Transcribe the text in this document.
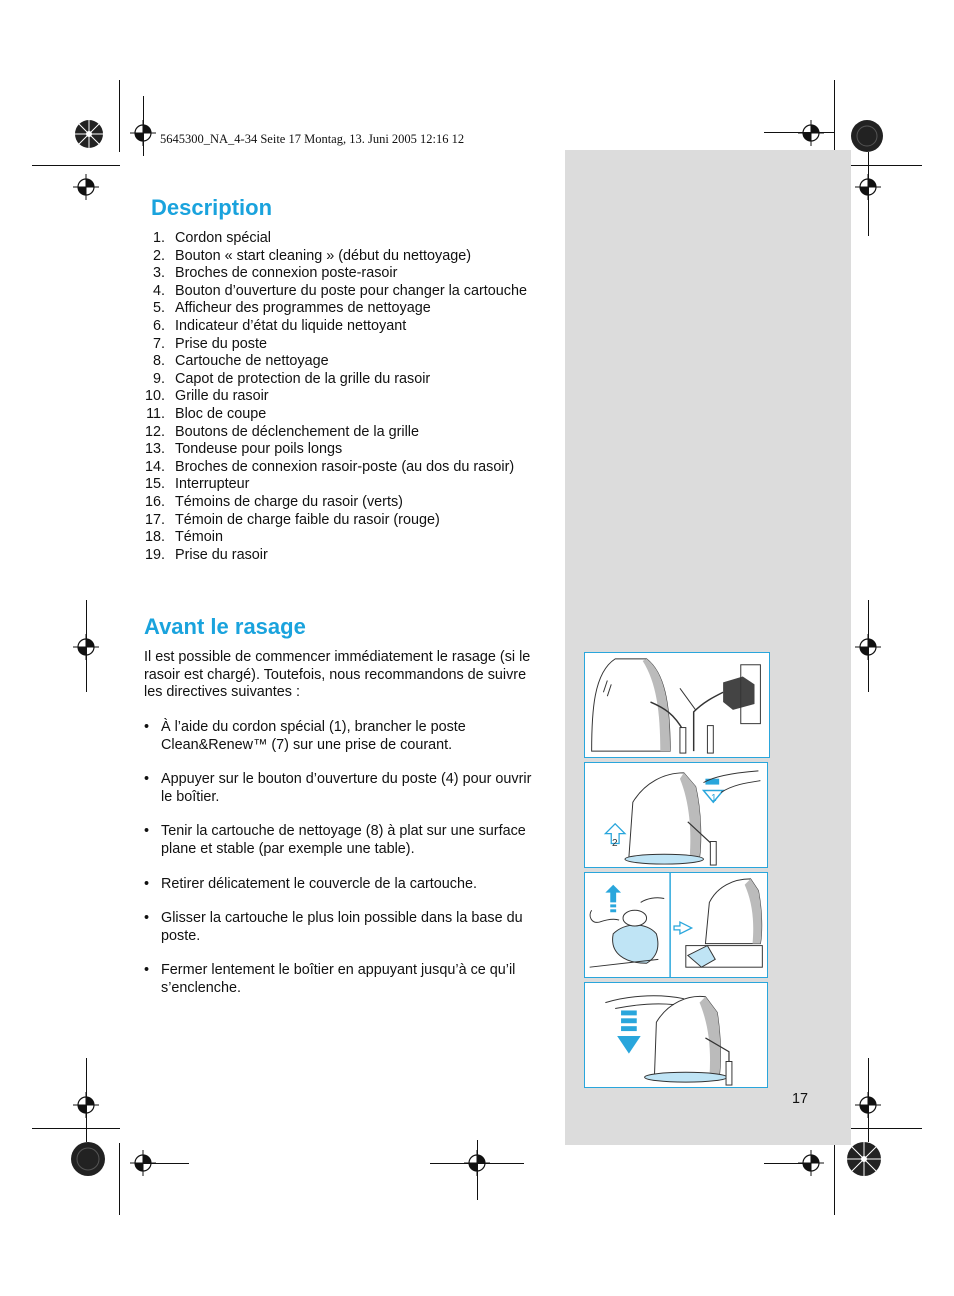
5645300_NA_4-34 Seite 17 Montag, 13. Juni 2005 12:16 12
Description
1. Cordon spécial
2. Bouton « start cleaning » (début du nettoyage)
3. Broches de connexion poste-rasoir
4. Bouton d’ouverture du poste pour changer la cartouche
5. Afficheur des programmes de nettoyage
6. Indicateur d’état du liquide nettoyant
7. Prise du poste
8. Cartouche de nettoyage
9. Capot de protection de la grille du rasoir
10. Grille du rasoir
11. Bloc de coupe
12. Boutons de déclenchement de la grille
13. Tondeuse pour poils longs
14. Broches de connexion rasoir-poste (au dos du rasoir)
15. Interrupteur
16. Témoins de charge du rasoir (verts)
17. Témoin de charge faible du rasoir (rouge)
18. Témoin
19. Prise du rasoir
Avant le rasage

Il est possible de commencer immédiatement le rasage (si le rasoir est chargé). Toutefois, nous recommandons de suivre les directives suivantes :

• À l’aide du cordon spécial (1), brancher le poste Clean&Renew™ (7) sur une prise de courant.
• Appuyer sur le bouton d’ouverture du poste (4) pour ouvrir le boîtier.
• Tenir la cartouche de nettoyage (8) à plat sur une surface plane et stable (par exemple une table).
• Retirer délicatement le couvercle de la cartouche.
• Glisser la cartouche le plus loin possible dans la base du poste.
• Fermer lentement le boîtier en appuyant jusqu’à ce qu’il s’enclenche.
1
2
17
